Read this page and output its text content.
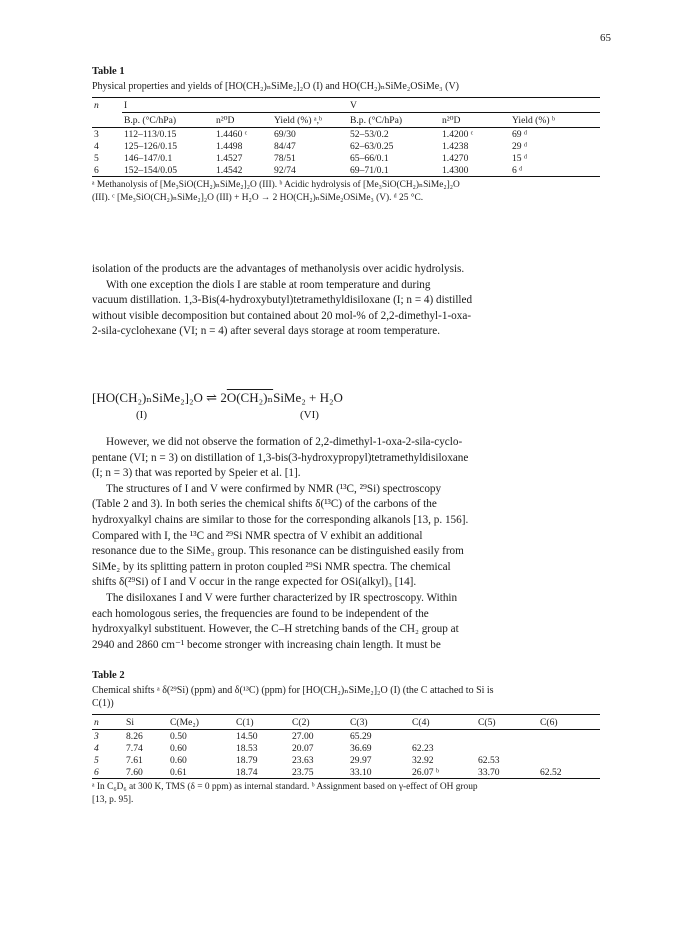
65
Table 1
Physical properties and yields of [HO(CH₂)ₙSiMe₂]₂O (I) and HO(CH₂)ₙSiMe₂OSiMe₃ (V)
n	I			V		
	B.p. (°C/hPa)	n²⁰D	Yield (%) ᵃ,ᵇ	B.p. (°C/hPa)	n²⁰D	Yield (%) ᵇ
3	112–113/0.15	1.4460 ᶜ	69/30	52–53/0.2	1.4200 ᶜ	69 ᵈ
4	125–126/0.15	1.4498	84/47	62–63/0.25	1.4238	29 ᵈ
5	146–147/0.1	1.4527	78/51	65–66/0.1	1.4270	15 ᵈ
6	152–154/0.05	1.4542	92/74	69–71/0.1	1.4300	6 ᵈ
ᵃ Methanolysis of [Me₃SiO(CH₂)ₙSiMe₂]₂O (III). ᵇ Acidic hydrolysis of [Me₃SiO(CH₂)ₙSiMe₂]₂O
(III). ᶜ [Me₃SiO(CH₂)ₙSiMe₂]₂O (III) + H₂O → 2 HO(CH₂)ₙSiMe₂OSiMe₃ (V). ᵈ 25 °C.

isolation of the products are the advantages of methanolysis over acidic hydrolysis.

With one exception the diols I are stable at room temperature and during

vacuum distillation. 1,3-Bis(4-hydroxybutyl)tetramethyldisiloxane (I; n = 4) distilled

without visible decomposition but contained about 20 mol-% of 2,2-dimethyl-1-oxa-

2-sila-cyclohexane (VI; n = 4) after several days storage at room temperature.

[HO(CH₂)ₙSiMe₂]₂O ⇌ 2O(CH₂)ₙSiMe₂ + H₂O
(I)	(VI)

However, we did not observe the formation of 2,2-dimethyl-1-oxa-2-sila-cyclo-

pentane (VI; n = 3) on distillation of 1,3-bis(3-hydroxypropyl)tetramethyldisiloxane

(I; n = 3) that was reported by Speier et al. [1].

The structures of I and V were confirmed by NMR (¹³C, ²⁹Si) spectroscopy

(Table 2 and 3). In both series the chemical shifts δ(¹³C) of the carbons of the

hydroxyalkyl chains are similar to those for the corresponding alkanols [13, p. 156].

Compared with I, the ¹³C and ²⁹Si NMR spectra of V exhibit an additional

resonance due to the SiMe₃ group. This resonance can be distinguished easily from

SiMe₂ by its splitting pattern in proton coupled ²⁹Si NMR spectra. The chemical

shifts δ(²⁹Si) of I and V occur in the range expected for OSi(alkyl)₃ [14].

The disiloxanes I and V were further characterized by IR spectroscopy. Within

each homologous series, the frequencies are found to be independent of the

hydroxyalkyl substituent. However, the C–H stretching bands of the CH₂ group at

2940 and 2860 cm⁻¹ become stronger with increasing chain length. It must be

Table 2
Chemical shifts ᵃ δ(²⁹Si) (ppm) and δ(¹³C) (ppm) for [HO(CH₂)ₙSiMe₂]₂O (I) (the C attached to Si is
C(1))
n	Si	C(Me₂)	C(1)	C(2)	C(3)	C(4)	C(5)	C(6)
3	8.26	0.50	14.50	27.00	65.29			
4	7.74	0.60	18.53	20.07	36.69	62.23		
5	7.61	0.60	18.79	23.63	29.97	32.92	62.53	
6	7.60	0.61	18.74	23.75	33.10	26.07 ᵇ	33.70	62.52
ᵃ In C₆D₆ at 300 K, TMS (δ = 0 ppm) as internal standard. ᵇ Assignment based on γ-effect of OH group
[13, p. 95].
